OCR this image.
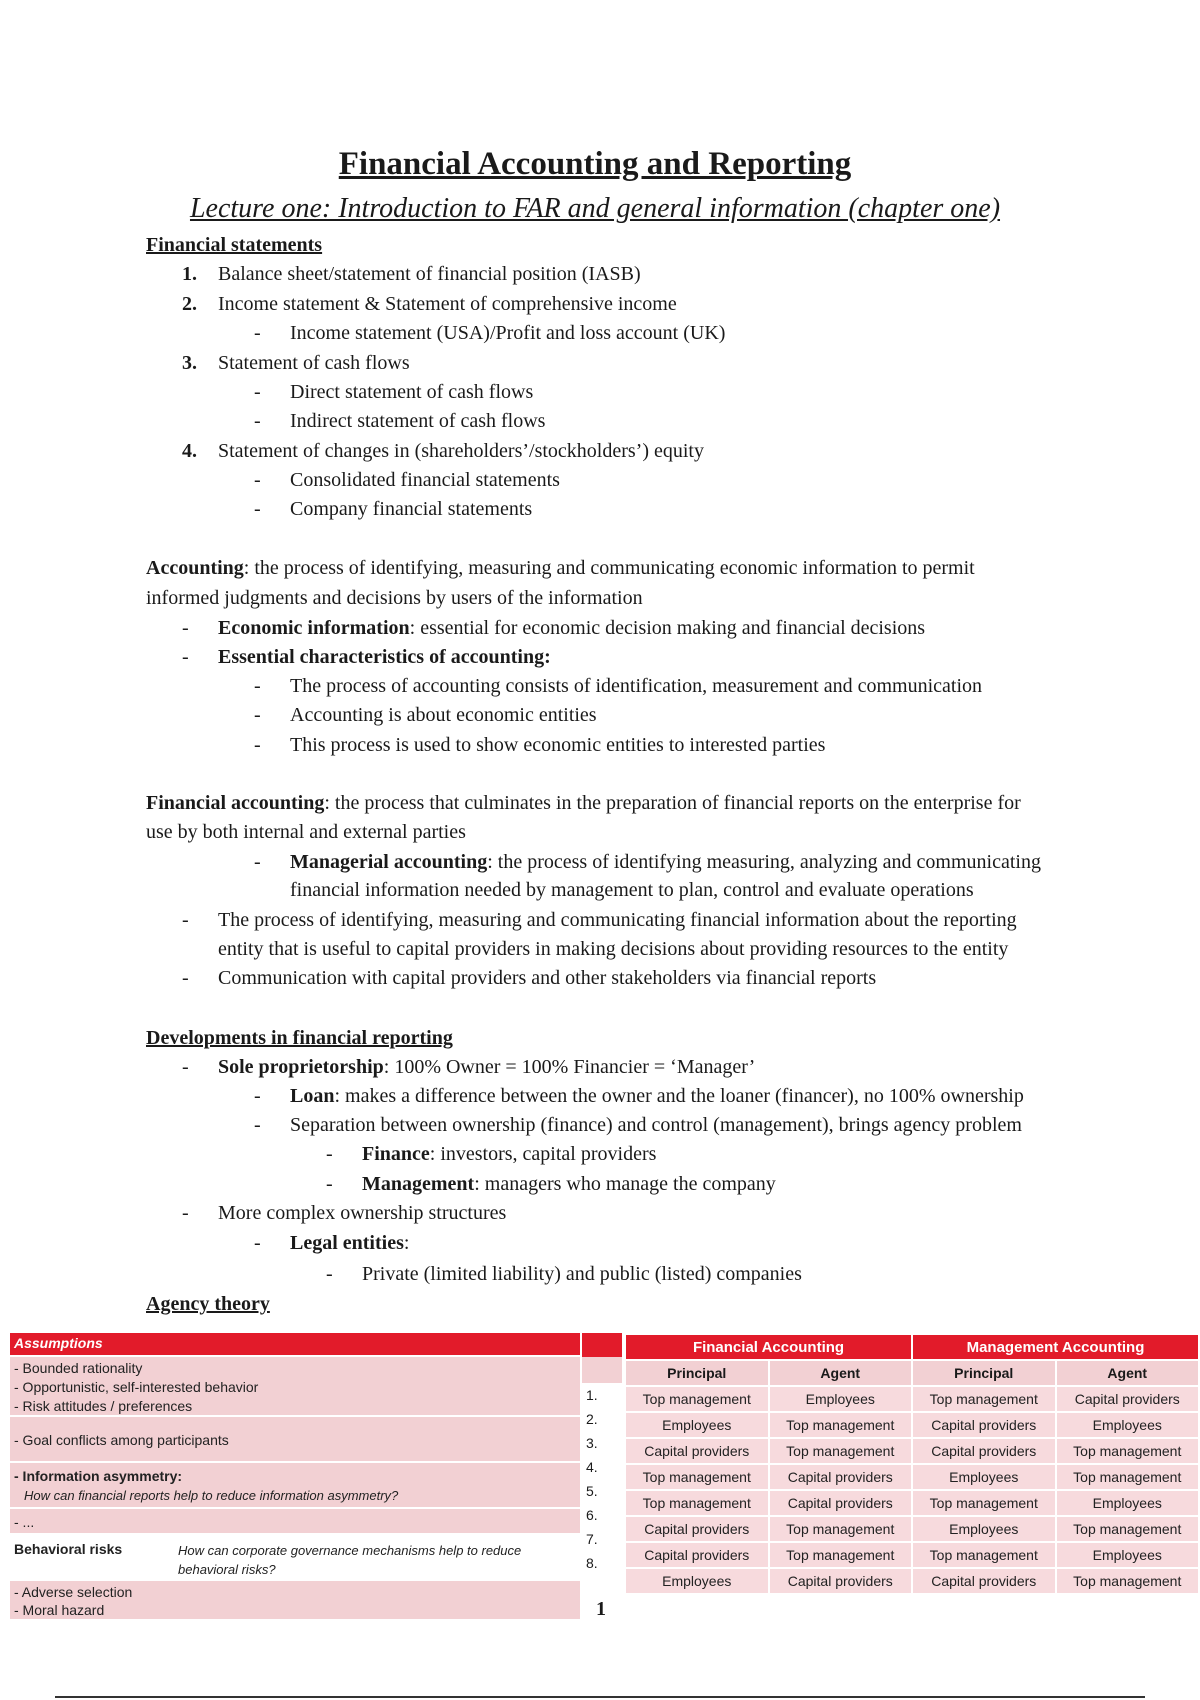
Financial Accounting and Reporting
Lecture one: Introduction to FAR and general information (chapter one)
Financial statements
1. Balance sheet/statement of financial position (IASB)
2. Income statement & Statement of comprehensive income
- Income statement (USA)/Profit and loss account (UK)
3. Statement of cash flows
- Direct statement of cash flows
- Indirect statement of cash flows
4. Statement of changes in (shareholders’/stockholders’) equity
- Consolidated financial statements
- Company financial statements
Accounting: the process of identifying, measuring and communicating economic information to permit
informed judgments and decisions by users of the information
- Economic information: essential for economic decision making and financial decisions
- Essential characteristics of accounting:
- The process of accounting consists of identification, measurement and communication
- Accounting is about economic entities
- This process is used to show economic entities to interested parties
Financial accounting: the process that culminates in the preparation of financial reports on the enterprise for
use by both internal and external parties
- Managerial accounting: the process of identifying measuring, analyzing and communicating
financial information needed by management to plan, control and evaluate operations
- The process of identifying, measuring and communicating financial information about the reporting
entity that is useful to capital providers in making decisions about providing resources to the entity
- Communication with capital providers and other stakeholders via financial reports
Developments in financial reporting
- Sole proprietorship: 100% Owner = 100% Financier = ‘Manager’
- Loan: makes a difference between the owner and the loaner (financer), no 100% ownership
- Separation between ownership (finance) and control (management), brings agency problem
- Finance: investors, capital providers
- Management: managers who manage the company
- More complex ownership structures
- Legal entities:
- Private (limited liability) and public (listed) companies
Agency theory
Assumptions
- Bounded rationality
- Opportunistic, self-interested behavior
- Risk attitudes / preferences
- Goal conflicts among participants
- Information asymmetry:
How can financial reports help to reduce information asymmetry?
- ...
Behavioral risks	How can corporate governance mechanisms help to reduce behavioral risks?
- Adverse selection
- Moral hazard
1.
2.
3.
4.
5.
6.
7.
8.
Financial Accounting		Management Accounting	
Principal	Agent	Principal	Agent
Top management	Employees	Top management	Capital providers
Employees	Top management	Capital providers	Employees
Capital providers	Top management	Capital providers	Top management
Top management	Capital providers	Employees	Top management
Top management	Capital providers	Top management	Employees
Capital providers	Top management	Employees	Top management
Capital providers	Top management	Top management	Employees
Employees	Capital providers	Capital providers	Top management
1
